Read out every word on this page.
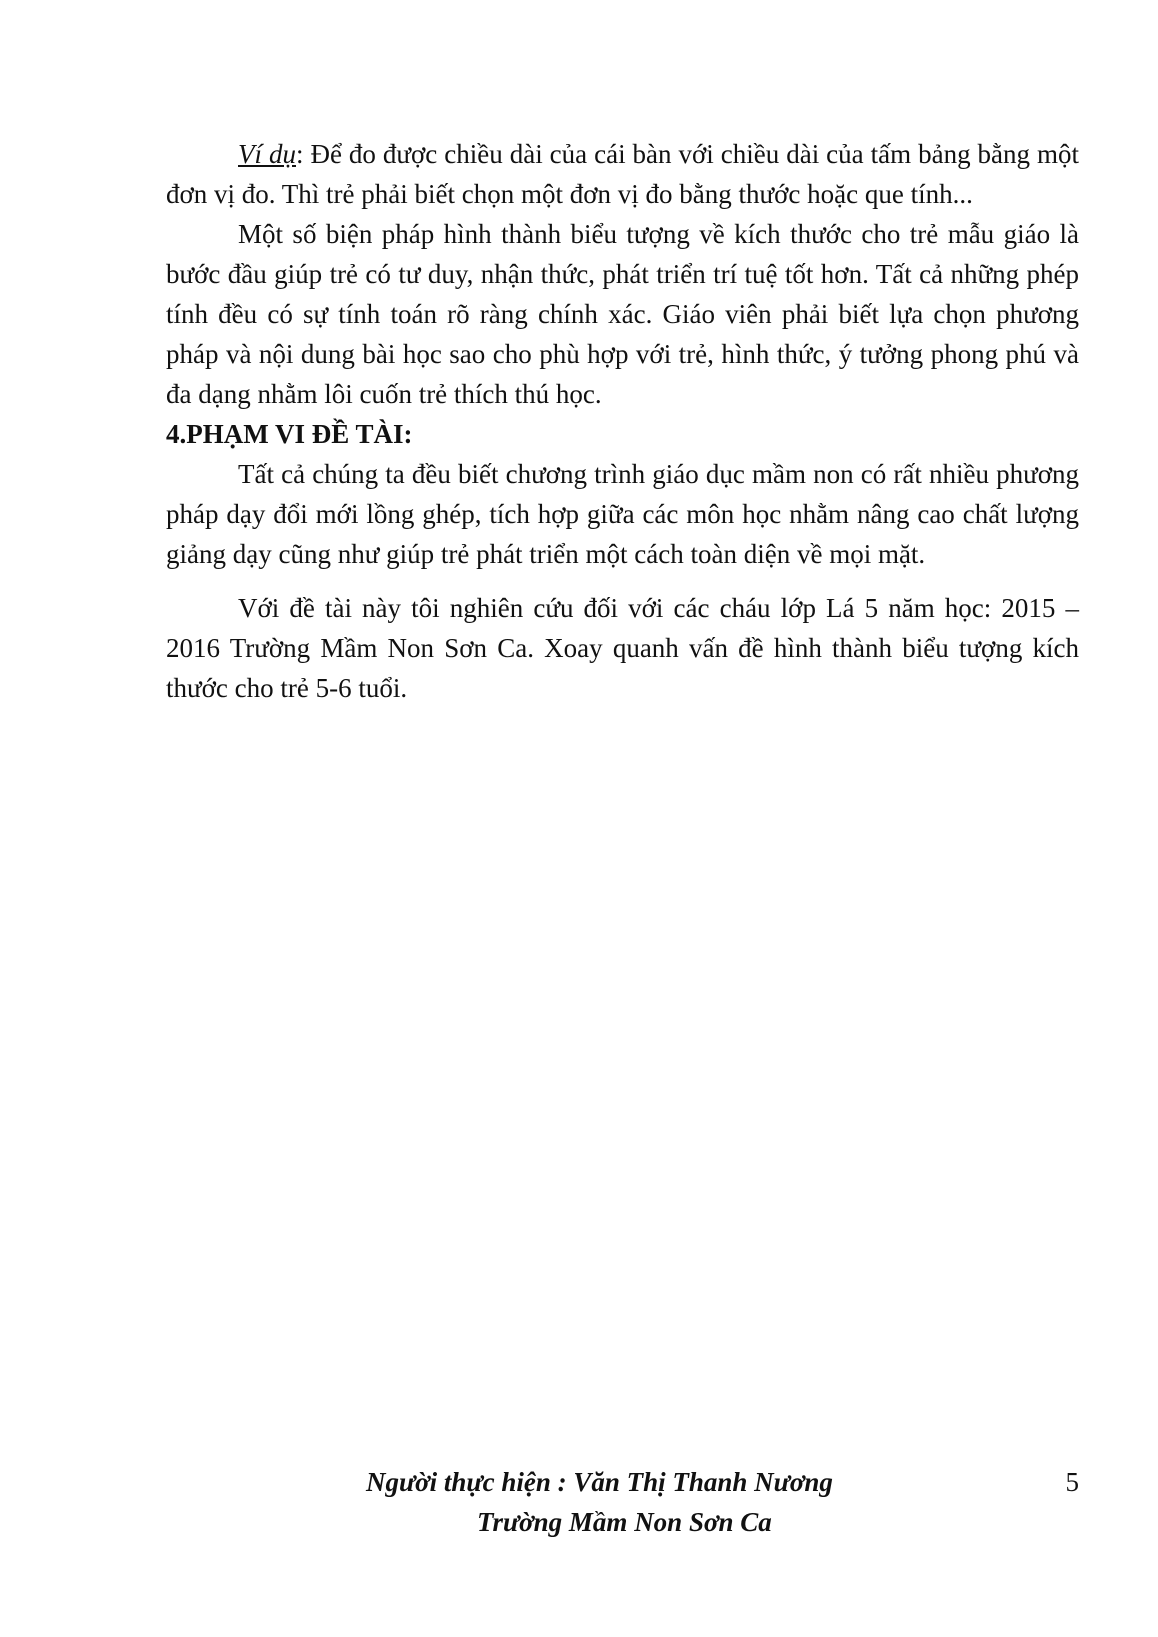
Ví dụ: Để đo được chiều dài của cái bàn với chiều dài của tấm bảng bằng một đơn vị đo. Thì trẻ phải biết chọn một đơn vị đo bằng thước hoặc que tính...

Một số biện pháp hình thành biểu tượng về kích thước cho trẻ mẫu giáo là bước đầu giúp trẻ có tư duy, nhận thức, phát triển trí tuệ tốt hơn. Tất cả những phép tính đều có sự tính toán rõ ràng chính xác. Giáo viên phải biết lựa chọn phương pháp và nội dung bài học sao cho phù hợp với trẻ, hình thức, ý tưởng phong phú và đa dạng nhằm lôi cuốn trẻ thích thú học.

4.PHẠM VI ĐỀ TÀI:

Tất cả chúng ta đều biết chương trình giáo dục mầm non có rất nhiều phương pháp dạy đổi mới lồng ghép, tích hợp giữa các môn học nhằm nâng cao chất lượng giảng dạy cũng như giúp trẻ phát triển một cách toàn diện về mọi mặt.

Với đề tài này tôi nghiên cứu đối với các cháu lớp Lá 5 năm học: 2015 – 2016 Trường Mầm Non Sơn Ca. Xoay quanh vấn đề hình thành biểu tượng kích thước cho trẻ 5-6 tuổi.

Người thực hiện : Văn Thị Thanh Nương
Trường Mầm Non Sơn Ca
5
